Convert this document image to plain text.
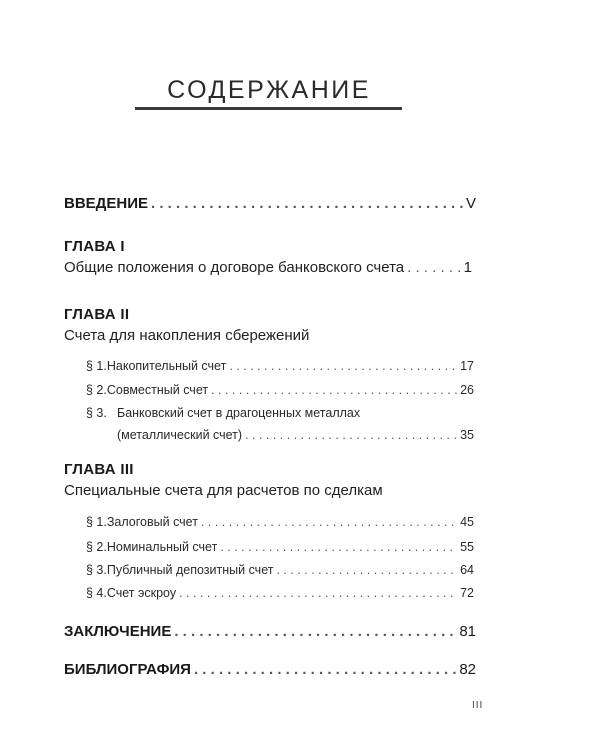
СОДЕРЖАНИЕ
ВВЕДЕНИЕ . . .	V
ГЛАВА I
Общие положения о договоре банковского счета . . .	1
ГЛАВА II
Счета для накопления сбережений
§ 1. Накопительный счет . . .	17
§ 2. Совместный счет . . .	26
§ 3. Банковский счет в драгоценных металлах
(металлический счет) . . .	35
ГЛАВА III
Специальные счета для расчетов по сделкам
§ 1. Залоговый счет . . .	45
§ 2. Номинальный счет . . .	55
§ 3. Публичный депозитный счет . . .	64
§ 4. Счет эскроу . . .	72
ЗАКЛЮЧЕНИЕ . . .	81
БИБЛИОГРАФИЯ . . .	82
III
